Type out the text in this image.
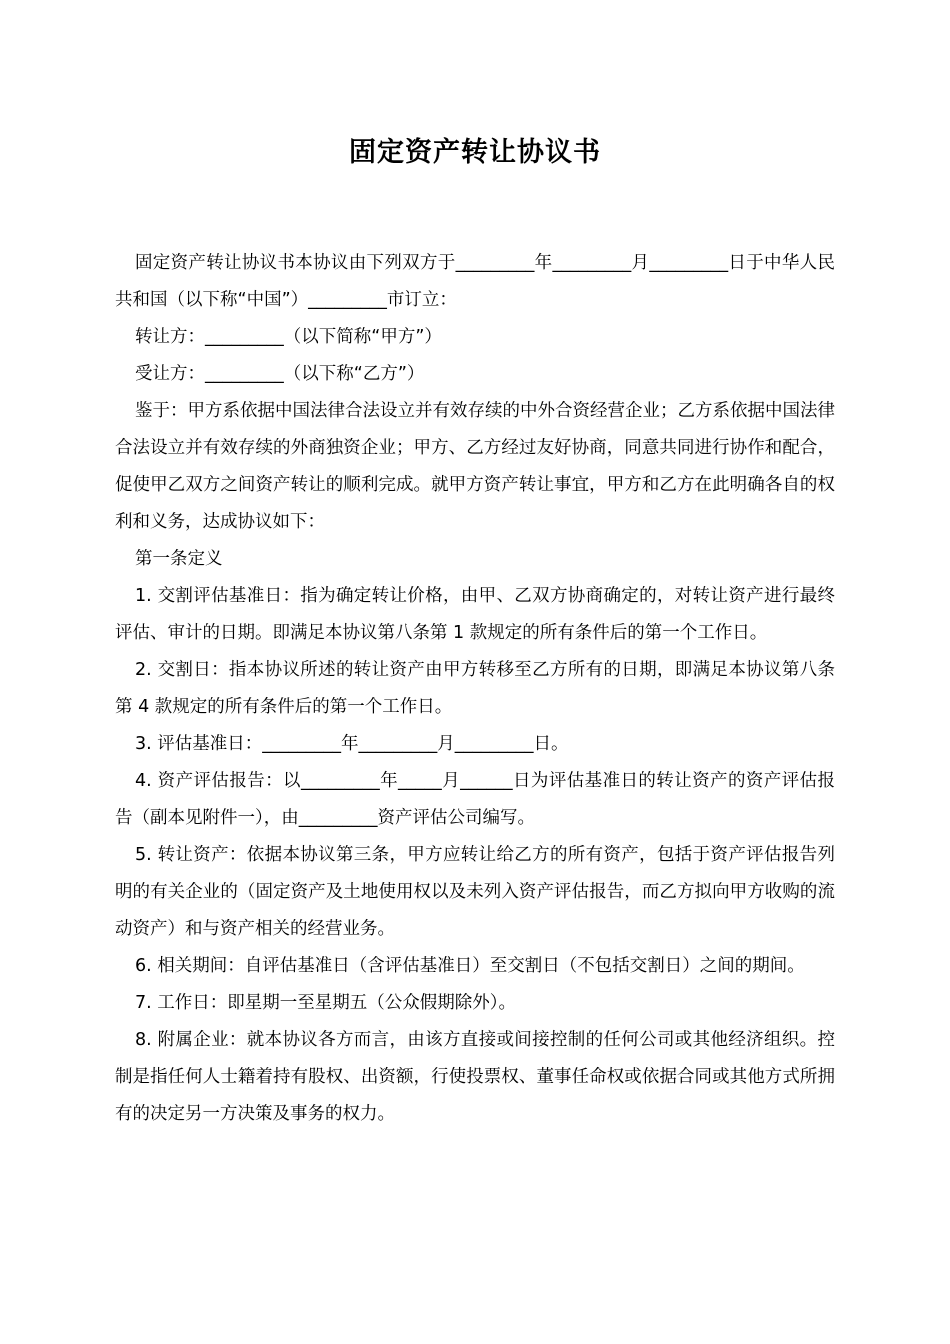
固定资产转让协议书

固定资产转让协议书本协议由下列双方于_________年_________月_________日于中华人民共和国（以下称“中国”）_________市订立：

转让方：_________（以下简称“甲方”）

受让方：_________（以下称“乙方”）

鉴于：甲方系依据中国法律合法设立并有效存续的中外合资经营企业；乙方系依据中国法律合法设立并有效存续的外商独资企业；甲方、乙方经过友好协商，同意共同进行协作和配合，促使甲乙双方之间资产转让的顺利完成。就甲方资产转让事宜，甲方和乙方在此明确各自的权利和义务，达成协议如下：

第一条定义

1. 交割评估基准日：指为确定转让价格，由甲、乙双方协商确定的，对转让资产进行最终评估、审计的日期。即满足本协议第八条第 1 款规定的所有条件后的第一个工作日。

2. 交割日：指本协议所述的转让资产由甲方转移至乙方所有的日期，即满足本协议第八条第 4 款规定的所有条件后的第一个工作日。

3. 评估基准日：_________年_________月_________日。

4. 资产评估报告：以_________年_____月______日为评估基准日的转让资产的资产评估报告（副本见附件一），由_________资产评估公司编写。

5. 转让资产：依据本协议第三条，甲方应转让给乙方的所有资产，包括于资产评估报告列明的有关企业的（固定资产及土地使用权以及未列入资产评估报告，而乙方拟向甲方收购的流动资产）和与资产相关的经营业务。

6. 相关期间：自评估基准日（含评估基准日）至交割日（不包括交割日）之间的期间。

7. 工作日：即星期一至星期五（公众假期除外）。

8. 附属企业：就本协议各方而言，由该方直接或间接控制的任何公司或其他经济组织。控制是指任何人士籍着持有股权、出资额，行使投票权、董事任命权或依据合同或其他方式所拥有的决定另一方决策及事务的权力。
